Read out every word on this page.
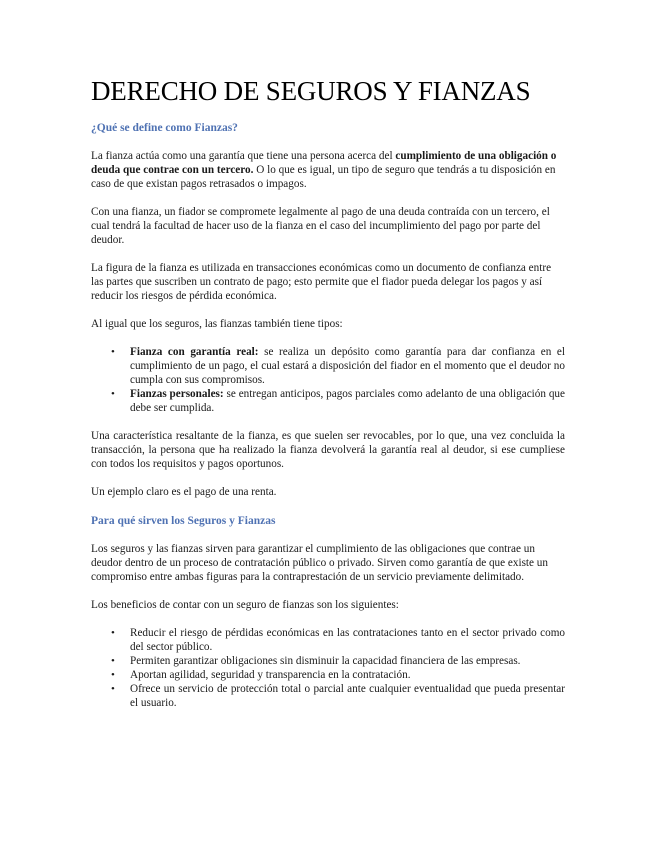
DERECHO DE SEGUROS Y FIANZAS
¿Qué se define como Fianzas?

La fianza actúa como una garantía que tiene una persona acerca del cumplimiento de una obligación o deuda que contrae con un tercero. O lo que es igual, un tipo de seguro que tendrás a tu disposición en caso de que existan pagos retrasados o impagos.

Con una fianza, un fiador se compromete legalmente al pago de una deuda contraída con un tercero, el cual tendrá la facultad de hacer uso de la fianza en el caso del incumplimiento del pago por parte del deudor.

La figura de la fianza es utilizada en transacciones económicas como un documento de confianza entre las partes que suscriben un contrato de pago; esto permite que el fiador pueda delegar los pagos y así reducir los riesgos de pérdida económica.

Al igual que los seguros, las fianzas también tiene tipos:

• Fianza con garantía real: se realiza un depósito como garantía para dar confianza en el cumplimiento de un pago, el cual estará a disposición del fiador en el momento que el deudor no cumpla con sus compromisos.
• Fianzas personales: se entregan anticipos, pagos parciales como adelanto de una obligación que debe ser cumplida.

Una característica resaltante de la fianza, es que suelen ser revocables, por lo que, una vez concluida la transacción, la persona que ha realizado la fianza devolverá la garantía real al deudor, si ese cumpliese con todos los requisitos y pagos oportunos.

Un ejemplo claro es el pago de una renta.

Para qué sirven los Seguros y Fianzas

Los seguros y las fianzas sirven para garantizar el cumplimiento de las obligaciones que contrae un deudor dentro de un proceso de contratación público o privado. Sirven como garantía de que existe un compromiso entre ambas figuras para la contraprestación de un servicio previamente delimitado.

Los beneficios de contar con un seguro de fianzas son los siguientes:

• Reducir el riesgo de pérdidas económicas en las contrataciones tanto en el sector privado como del sector público.
• Permiten garantizar obligaciones sin disminuir la capacidad financiera de las empresas.
• Aportan agilidad, seguridad y transparencia en la contratación.
• Ofrece un servicio de protección total o parcial ante cualquier eventualidad que pueda presentar el usuario.
